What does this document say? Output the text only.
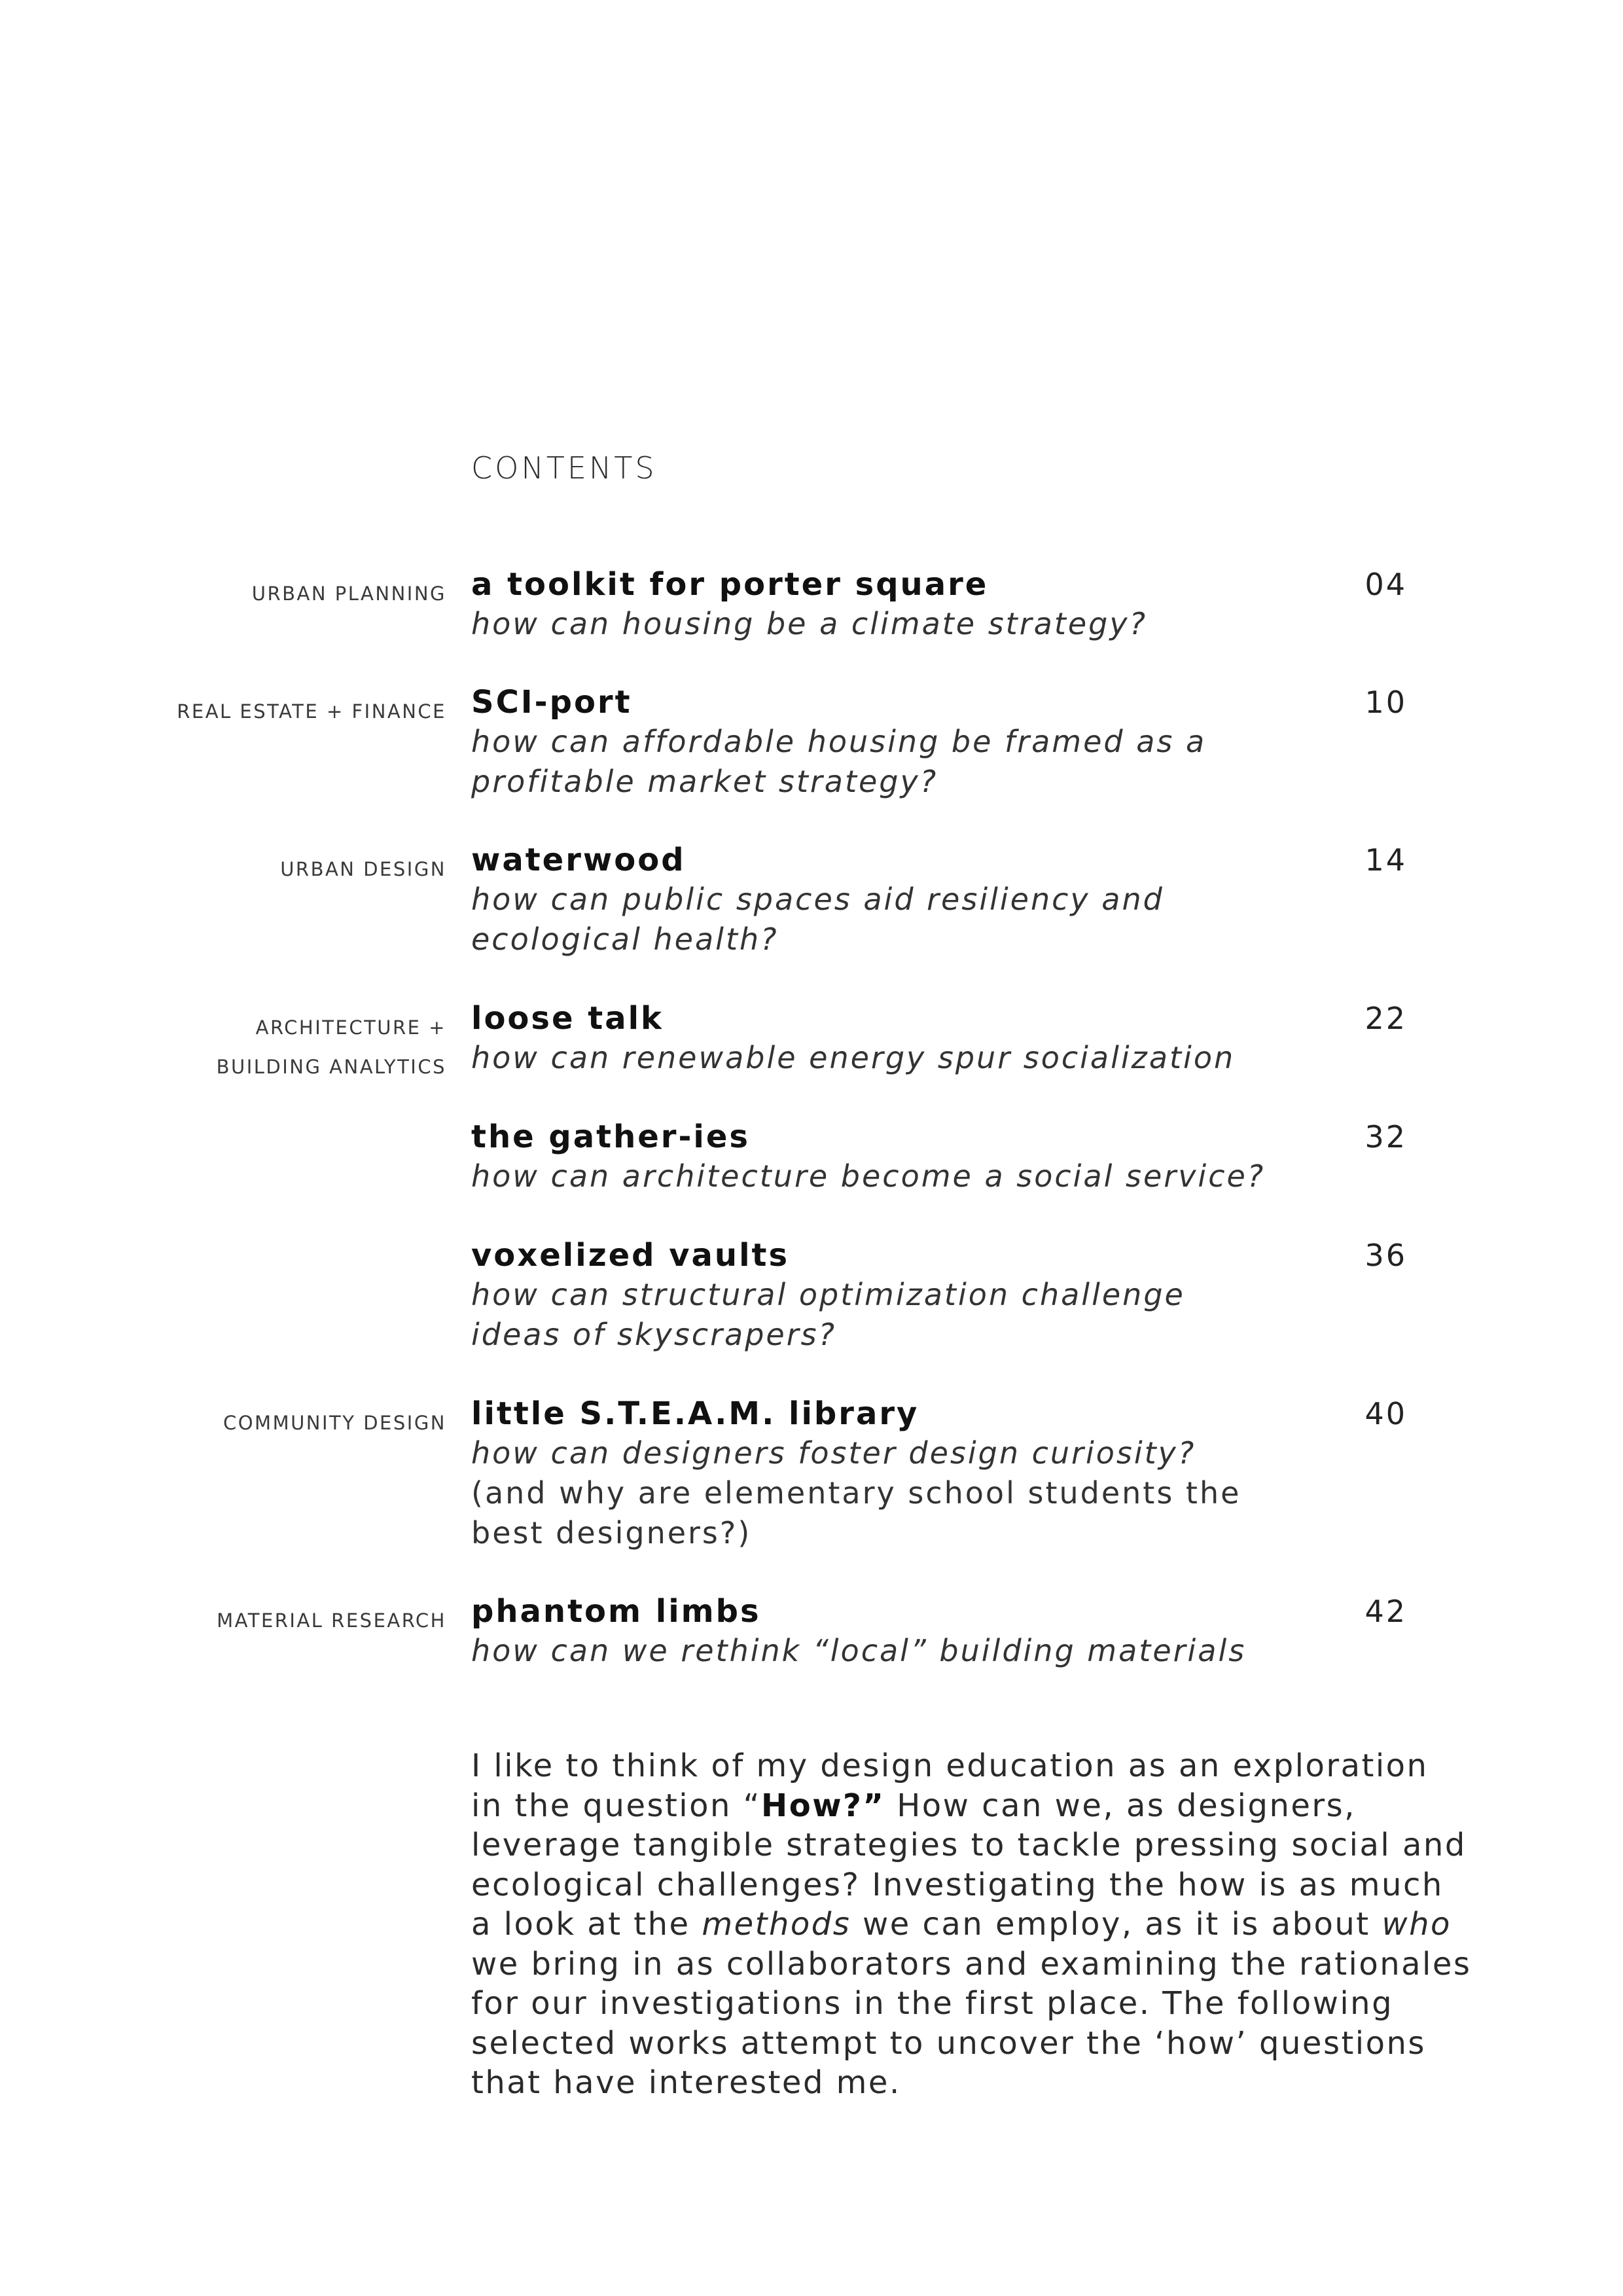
CONTENTS
URBAN PLANNING a toolkit for porter square	04
how can housing be a climate strategy?
REAL ESTATE + FINANCE SCI-port	10
how can affordable housing be framed as a
profitable market strategy?
URBAN DESIGN waterwood	14
how can public spaces aid resiliency and
ecological health?
ARCHITECTURE +
BUILDING ANALYTICS
loose talk	22
how can renewable energy spur socialization
the gather-ies	32
how can architecture become a social service?
voxelized vaults	36
how can structural optimization challenge
ideas of skyscrapers?
COMMUNITY DESIGN little S.T.E.A.M. library	40
how can designers foster design curiosity?
(and why are elementary school students the
best designers?)
MATERIAL RESEARCH phantom limbs	42
how can we rethink “local” building materials
I like to think of my design education as an exploration
in the question “How?” How can we, as designers,
leverage tangible strategies to tackle pressing social and
ecological challenges? Investigating the how is as much
a look at the methods we can employ, as it is about who
we bring in as collaborators and examining the rationales
for our investigations in the first place. The following
selected works attempt to uncover the ‘how’ questions
that have interested me.
